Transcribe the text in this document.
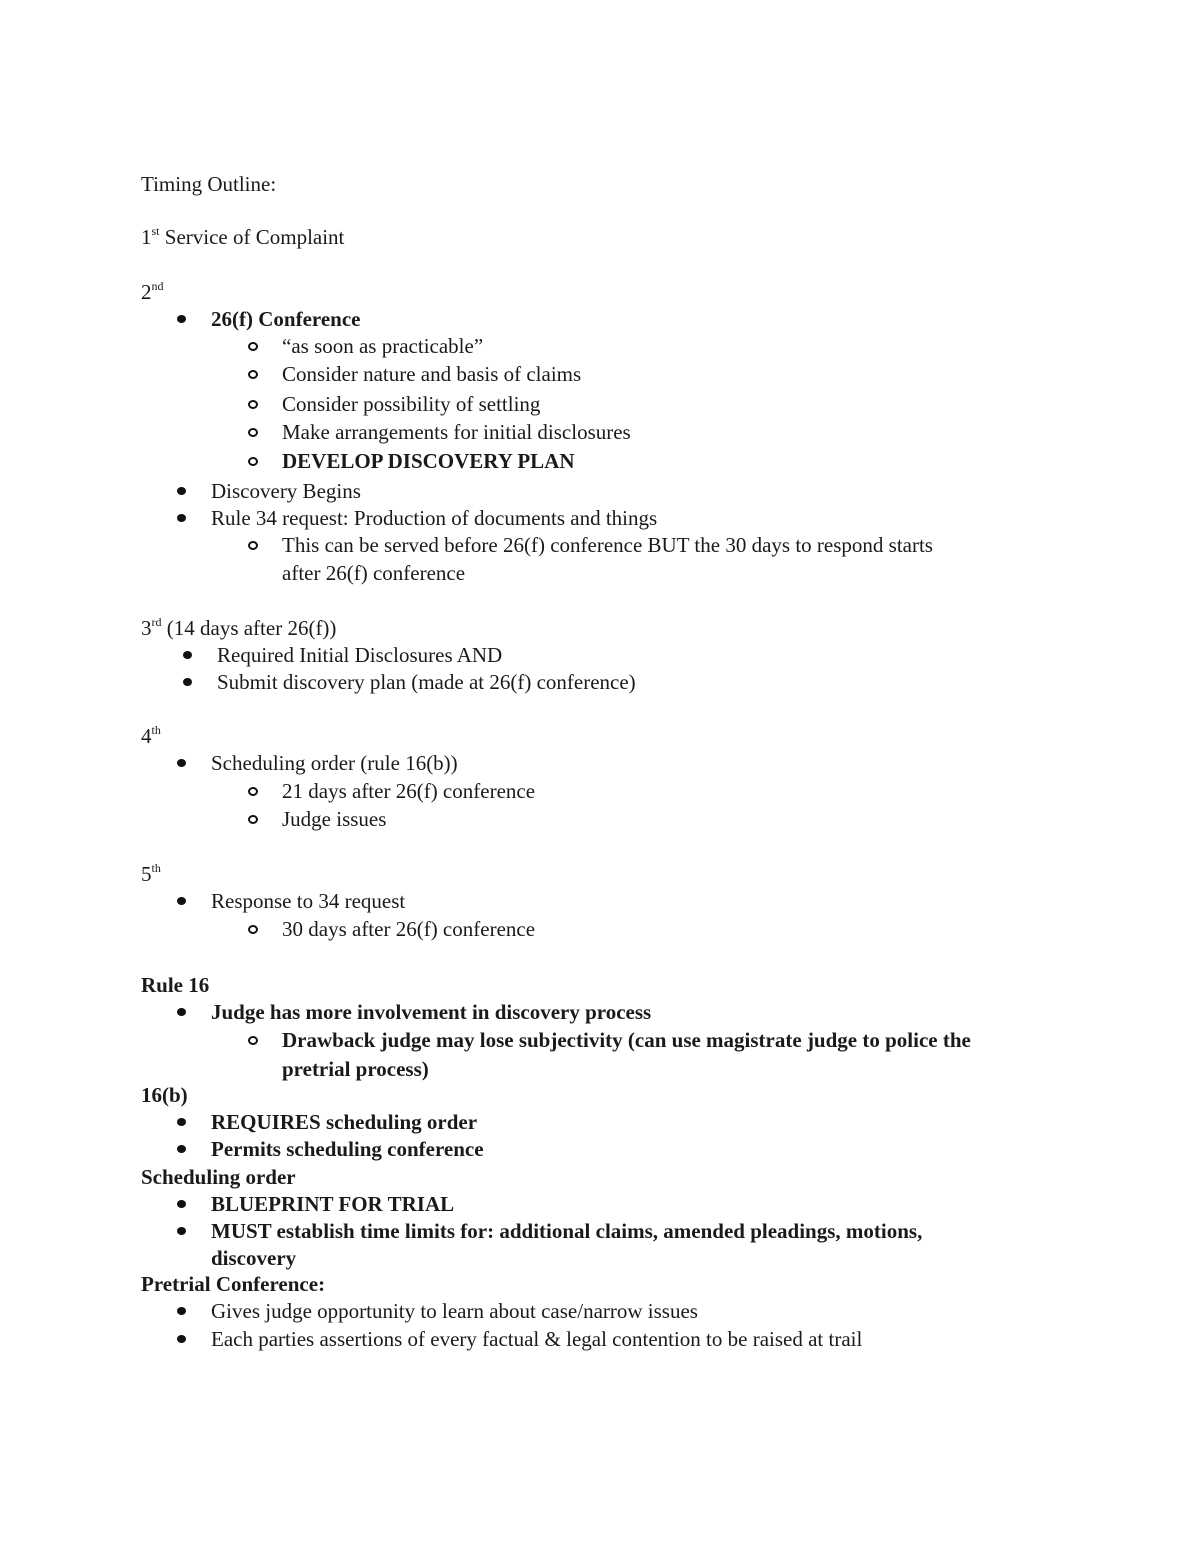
Timing Outline:
1st Service of Complaint
2nd
26(f) Conference
“as soon as practicable”
Consider nature and basis of claims
Consider possibility of settling
Make arrangements for initial disclosures
DEVELOP DISCOVERY PLAN
Discovery Begins
Rule 34 request: Production of documents and things
This can be served before 26(f) conference BUT the 30 days to respond starts
after 26(f) conference
3rd (14 days after 26(f))
Required Initial Disclosures AND
Submit discovery plan (made at 26(f) conference)
4th
Scheduling order (rule 16(b))
21 days after 26(f) conference
Judge issues
5th
Response to 34 request
30 days after 26(f) conference
Rule 16
Judge has more involvement in discovery process
Drawback judge may lose subjectivity (can use magistrate judge to police the
pretrial process)
16(b)
REQUIRES scheduling order
Permits scheduling conference
Scheduling order
BLUEPRINT FOR TRIAL
MUST establish time limits for: additional claims, amended pleadings, motions,
discovery
Pretrial Conference:
Gives judge opportunity to learn about case/narrow issues
Each parties assertions of every factual & legal contention to be raised at trail
